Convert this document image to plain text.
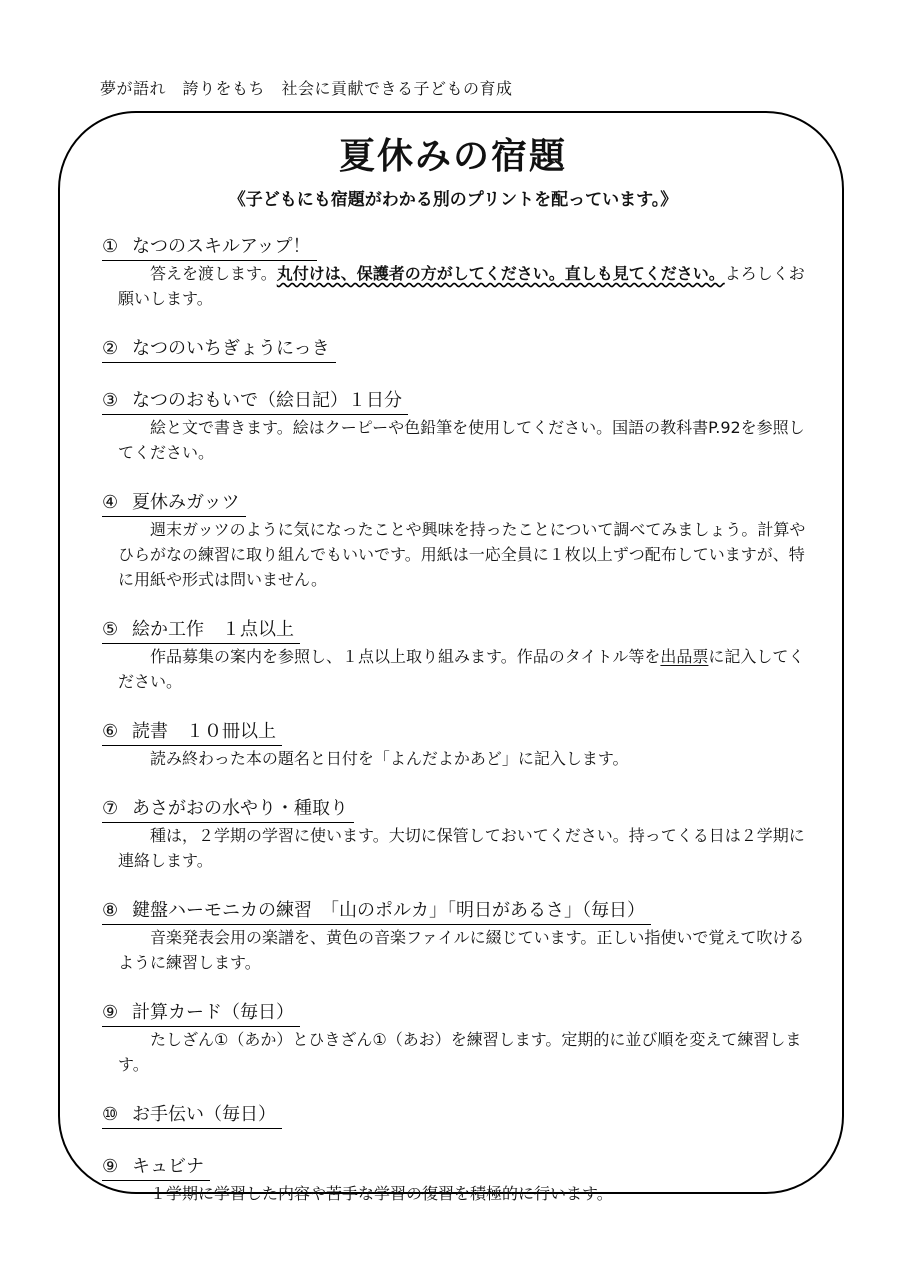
夢が語れ　誇りをもち　社会に貢献できる子どもの育成
夏休みの宿題
《子どもにも宿題がわかる別のプリントを配っています。》
① なつのスキルアップ！
答えを渡します。丸付けは、保護者の方がしてください。直しも見てください。よろしくお願いします。
② なつのいちぎょうにっき
③ なつのおもいで（絵日記）１日分
絵と文で書きます。絵はクーピーや色鉛筆を使用してください。国語の教科書P.92を参照してください。
④ 夏休みガッツ
週末ガッツのように気になったことや興味を持ったことについて調べてみましょう。計算やひらがなの練習に取り組んでもいいです。用紙は一応全員に１枚以上ずつ配布していますが、特に用紙や形式は問いません。
⑤ 絵か工作　１点以上
作品募集の案内を参照し、１点以上取り組みます。作品のタイトル等を出品票に記入してください。
⑥ 読書　１０冊以上
読み終わった本の題名と日付を「よんだよかあど」に記入します。
⑦ あさがおの水やり・種取り
種は，２学期の学習に使います。大切に保管しておいてください。持ってくる日は２学期に連絡します。
⑧ 鍵盤ハーモニカの練習　「山のポルカ」「明日があるさ」（毎日）
音楽発表会用の楽譜を、黄色の音楽ファイルに綴じています。正しい指使いで覚えて吹けるように練習します。
⑨ 計算カード（毎日）
たしざん①（あか）とひきざん①（あお）を練習します。定期的に並び順を変えて練習します。
⑩ お手伝い（毎日）
⑨ キュビナ
１学期に学習した内容や苦手な学習の復習を積極的に行います。
